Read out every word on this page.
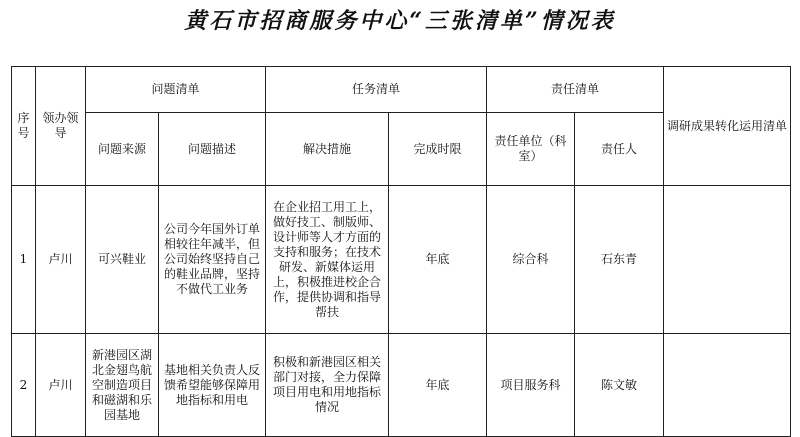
黄石市招商服务中心“三张清单”情况表
序号	领办领导	问题清单		任务清单		责任清单		调研成果转化运用清单
		问题来源	问题描述	解决措施	完成时限	责任单位（科室）	责任人	
1	卢川	可兴鞋业	公司今年国外订单相较往年减半，但公司始终坚持自己的鞋业品牌，坚持不做代工业务	在企业招工用工上，做好技工、制版师、设计师等人才方面的支持和服务；在技术研发、新媒体运用上，积极推进校企合作，提供协调和指导帮扶	年底	综合科	石东青	
2	卢川	新港园区湖北金翅鸟航空制造项目和磁湖和乐园基地	基地相关负责人反馈希望能够保障用地指标和用电	积极和新港园区相关部门对接，全力保障项目用电和用地指标情况	年底	项目服务科	陈文敏	
